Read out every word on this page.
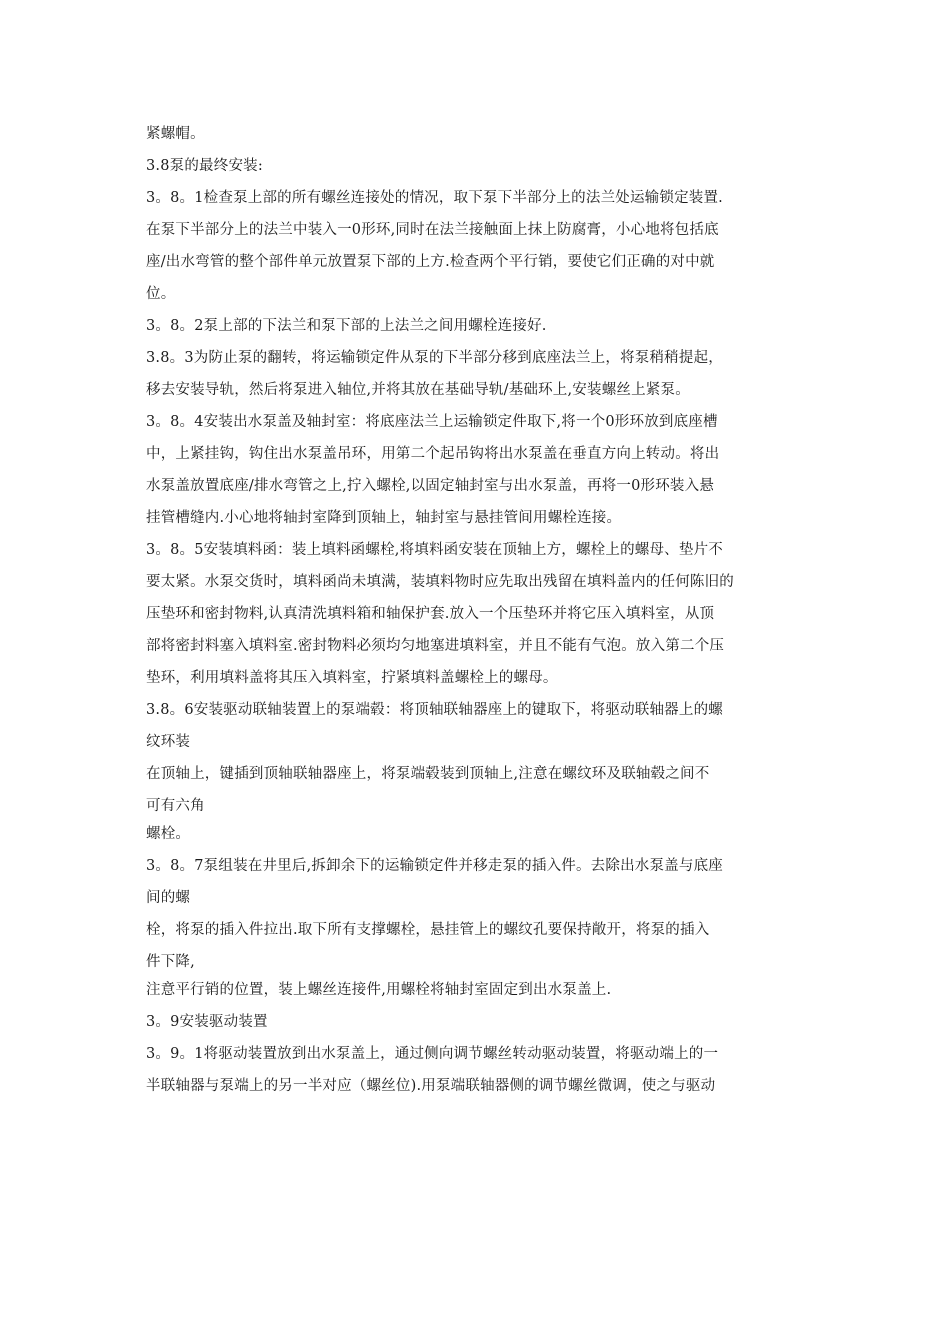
紧螺帽。
3.8泵的最终安装:
3。8。1检查泵上部的所有螺丝连接处的情况，取下泵下半部分上的法兰处运输锁定装置.
在泵下半部分上的法兰中装入一0形环,同时在法兰接触面上抹上防腐膏，小心地将包括底
座/出水弯管的整个部件单元放置泵下部的上方.检查两个平行销，要使它们正确的对中就
位。
3。8。2泵上部的下法兰和泵下部的上法兰之间用螺栓连接好.
3.8。3为防止泵的翻转，将运输锁定件从泵的下半部分移到底座法兰上，将泵稍稍提起，
移去安装导轨，然后将泵进入轴位,并将其放在基础导轨/基础环上,安装螺丝上紧泵。
3。8。4安装出水泵盖及轴封室：将底座法兰上运输锁定件取下,将一个0形环放到底座槽
中，上紧挂钩，钩住出水泵盖吊环，用第二个起吊钩将出水泵盖在垂直方向上转动。将出
水泵盖放置底座/排水弯管之上,拧入螺栓,以固定轴封室与出水泵盖，再将一0形环装入悬
挂管槽缝内.小心地将轴封室降到顶轴上，轴封室与悬挂管间用螺栓连接。
3。8。5安装填料函：装上填料函螺栓,将填料函安装在顶轴上方，螺栓上的螺母、垫片不
要太紧。水泵交货时，填料函尚未填满，装填料物时应先取出残留在填料盖内的任何陈旧的
压垫环和密封物料,认真清洗填料箱和轴保护套.放入一个压垫环并将它压入填料室，从顶
部将密封料塞入填料室.密封物料必须均匀地塞进填料室，并且不能有气泡。放入第二个压
垫环，利用填料盖将其压入填料室，拧紧填料盖螺栓上的螺母。
3.8。6安装驱动联轴装置上的泵端毂：将顶轴联轴器座上的键取下，将驱动联轴器上的螺
纹环装
在顶轴上，键插到顶轴联轴器座上，将泵端毂装到顶轴上,注意在螺纹环及联轴毂之间不
可有六角
螺栓。
3。8。7泵组装在井里后,拆卸余下的运输锁定件并移走泵的插入件。去除出水泵盖与底座
间的螺
栓，将泵的插入件拉出.取下所有支撑螺栓，悬挂管上的螺纹孔要保持敞开，将泵的插入
件下降,
注意平行销的位置，装上螺丝连接件,用螺栓将轴封室固定到出水泵盖上.
3。9安装驱动装置
3。9。1将驱动装置放到出水泵盖上，通过侧向调节螺丝转动驱动装置，将驱动端上的一
半联轴器与泵端上的另一半对应（螺丝位).用泵端联轴器侧的调节螺丝微调，使之与驱动
